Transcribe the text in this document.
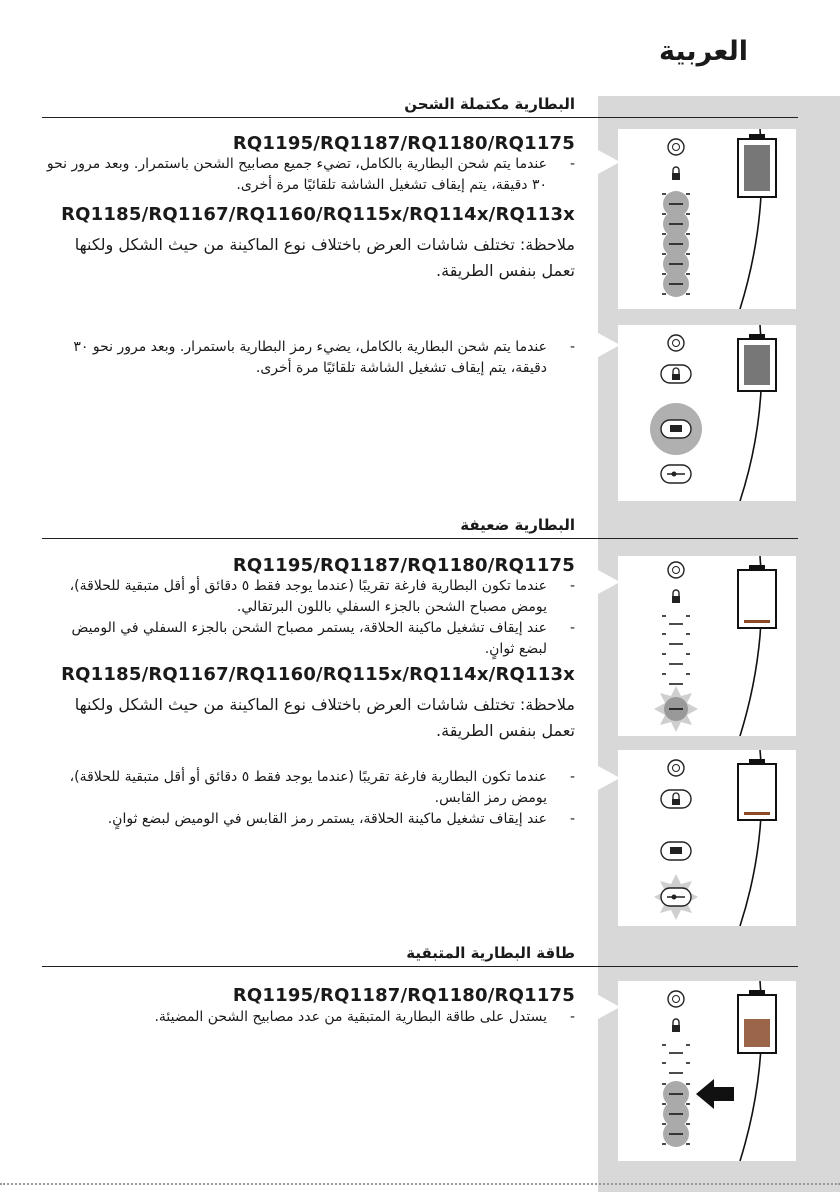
العربية
البطارية مكتملة الشحن
RQ1195/RQ1187/RQ1180/RQ1175
-
عندما يتم شحن البطارية بالكامل، تضيء جميع مصابيح الشحن باستمرار. وبعد مرور نحو ٣٠ دقيقة، يتم إيقاف تشغيل الشاشة تلقائيًا مرة أخرى.
RQ1185/RQ1167/RQ1160/RQ115x/RQ114x/RQ113x
ملاحظة: تختلف شاشات العرض باختلاف نوع الماكينة من حيث الشكل ولكنها تعمل بنفس الطريقة.
-
عندما يتم شحن البطارية بالكامل، يضيء رمز البطارية باستمرار. وبعد مرور نحو ٣٠ دقيقة، يتم إيقاف تشغيل الشاشة تلقائيًا مرة أخرى.
البطارية ضعيفة
RQ1195/RQ1187/RQ1180/RQ1175
-
عندما تكون البطارية فارغة تقريبًا (عندما يوجد فقط ٥ دقائق أو أقل متبقية للحلاقة)، يومض مصباح الشحن بالجزء السفلي باللون البرتقالي.
-
عند إيقاف تشغيل ماكينة الحلاقة، يستمر مصباح الشحن بالجزء السفلي في الوميض لبضع ثوانٍ.
RQ1185/RQ1167/RQ1160/RQ115x/RQ114x/RQ113x
ملاحظة: تختلف شاشات العرض باختلاف نوع الماكينة من حيث الشكل ولكنها تعمل بنفس الطريقة.
-
عندما تكون البطارية فارغة تقريبًا (عندما يوجد فقط ٥ دقائق أو أقل متبقية للحلاقة)، يومض رمز القابس.
-
عند إيقاف تشغيل ماكينة الحلاقة، يستمر رمز القابس في الوميض لبضع ثوانٍ.
طاقة البطارية المتبقية
RQ1195/RQ1187/RQ1180/RQ1175
-
يستدل على طاقة البطارية المتبقية من عدد مصابيح الشحن المضيئة.
